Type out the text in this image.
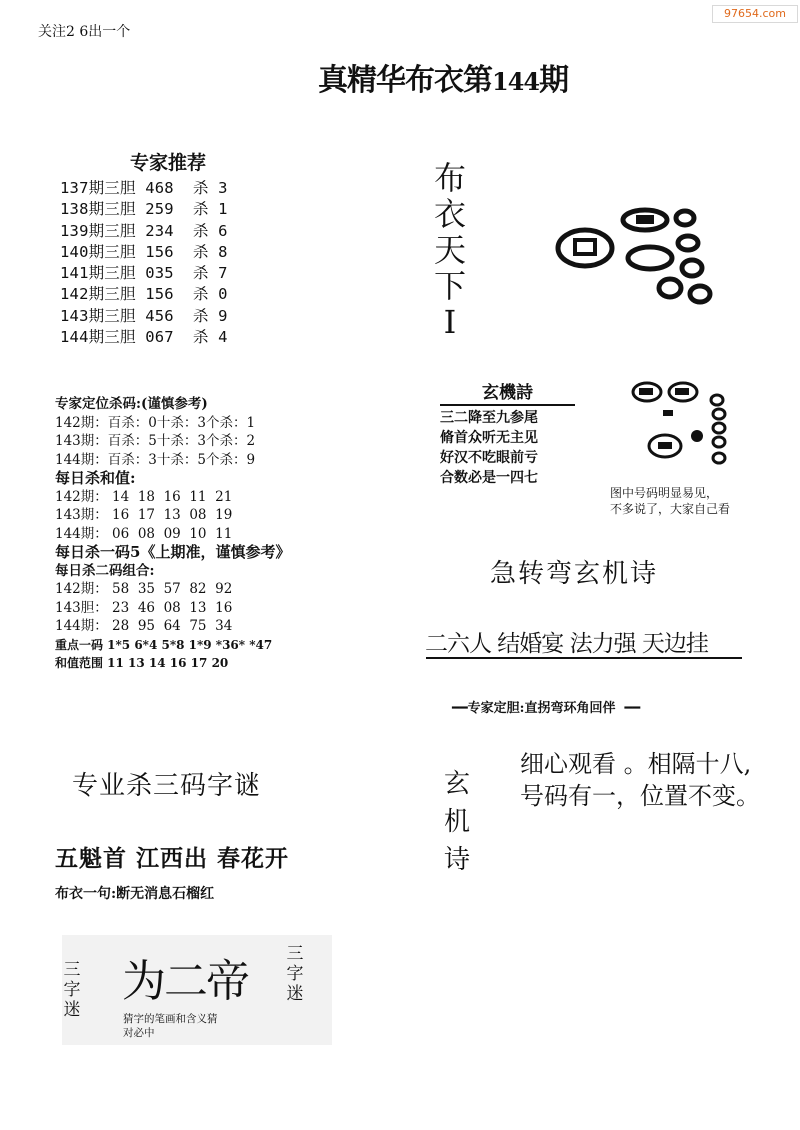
97654.com
关注2 6出一个
真精华布衣第144期
专家推荐
137期三胆 468  杀 3
138期三胆 259  杀 1
139期三胆 234  杀 6
140期三胆 156  杀 8
141期三胆 035  杀 7
142期三胆 156  杀 0
143期三胆 456  杀 9
144期三胆 067  杀 4
布
衣
天
下
I
玄機詩
三二降至九参尾
脩首众听无主见
好汉不吃眼前亏
合数必是一四七
图中号码明显易见，
不多说了，大家自己看
专家定位杀码:(谨慎参考)
142期：百杀：0十杀：3个杀：1
143期：百杀：5十杀：3个杀：2
144期：百杀：3十杀：5个杀：9
每日杀和值:
142期： 14  18  16  11  21
143期： 16  17  13  08  19
144期： 06  08  09  10  11
每日杀一码5《上期准，谨慎参考》
每日杀二码组合:
142期： 58  35  57  82  92
143胆： 23  46  08  13  16
144期： 28  95  64  75  34
重点一码 1*5 6*4 5*8 1*9 *36* *47
和值范围 11 13 14 16 17 20
急转弯玄机诗
二六人 结婚宴 法力强 天边挂
━━专家定胆:直拐弯环角回伴  ━━
玄
机
诗
细心观看 。相隔十八,
号码有一，位置不变。
专业杀三码字谜
五魁首 江西出 春花开
布衣一句:断无消息石榴红
三
字
迷
为二帝
三
字
迷
猜字的笔画和含义猜
对必中
